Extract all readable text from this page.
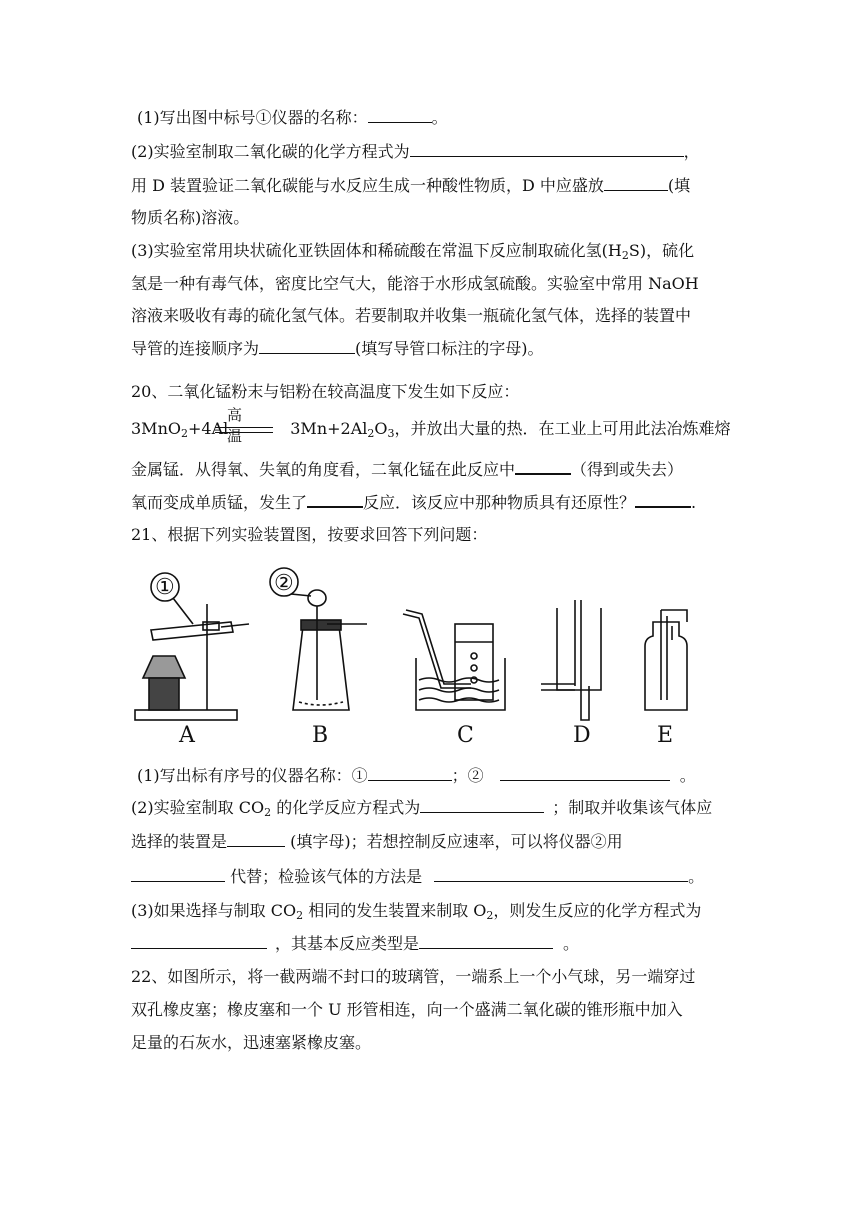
(1)写出图中标号①仪器的名称：	。
(2)实验室制取二氧化碳的化学方程式为	，
用 D 装置验证二氧化碳能与水反应生成一种酸性物质，D 中应盛放	(填
物质名称)溶液。
(3)实验室常用块状硫化亚铁固体和稀硫酸在常温下反应制取硫化氢$(H_2S)$，硫化
氢是一种有毒气体，密度比空气大，能溶于水形成氢硫酸。实验室中常用 NaOH
溶液来吸收有毒的硫化氢气体。若要制取并收集一瓶硫化氢气体，选择的装置中
导管的连接顺序为	(填写导管口标注的字母)。
20、二氧化锰粉末与铝粉在较高温度下发生如下反应：
高温
3MnO$_2$+4Al	$3Mn+2Al_2O_3$，并放出大量的热．在工业上可用此法冶炼难熔
金属锰．从得氧、失氧的角度看，二氧化锰在此反应中	（得到或失去）
氧而变成单质锰，发生了	反应．该反应中那种物质具有还原性？	.
21、根据下列实验装置图，按要求回答下列问题：
①	②
A	B	C	D	E
(1)写出标有序号的仪器名称：①	；②	。
(2)实验室制取 $CO_2$ 的化学反应方程式为	；制取并收集该气体应
选择的装置是	(填字母)；若想控制反应速率，可以将仪器②用
代替；检验该气体的方法是	。
(3)如果选择与制取 $CO_2$ 相同的发生装置来制取 $O_2$，则发生反应的化学方程式为
，其基本反应类型是	。
22、如图所示，将一截两端不封口的玻璃管，一端系上一个小气球，另一端穿过
双孔橡皮塞；橡皮塞和一个 U 形管相连，向一个盛满二氧化碳的锥形瓶中加入
足量的石灰水，迅速塞紧橡皮塞。
